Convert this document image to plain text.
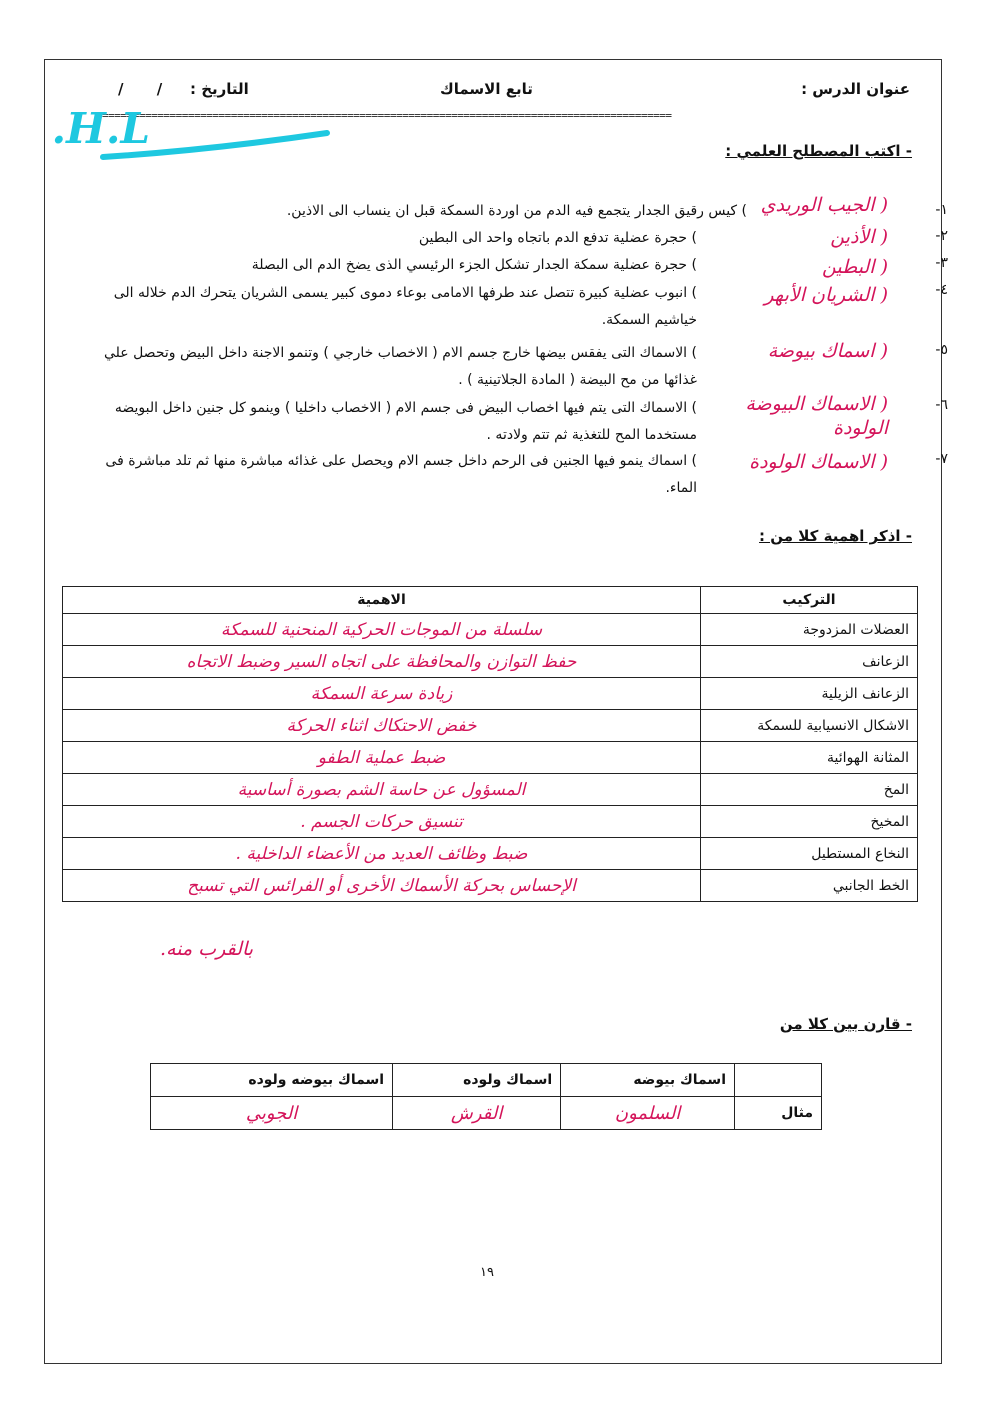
عنوان الدرس :
تابع الاسماك
التاريخ :
/ /
==============================================================================================
H.L.	- اكتب المصطلح العلمي :
١-
( الجيب الوريدي
) كيس رقيق الجدار يتجمع فيه الدم من اوردة السمكة قبل ان ينساب الى الاذين.
٢-
( الأذين
) حجرة عضلية تدفع الدم باتجاه واحد الى البطين
٣-
( البطين
) حجرة عضلية سمكة الجدار تشكل الجزء الرئيسي الذى يضخ الدم الى البصلة
٤-
( الشريان الأبهر
) انبوب عضلية كبيرة تتصل عند طرفها الامامى بوعاء دموى كبير يسمى الشريان يتحرك الدم خلاله الى خياشيم السمكة.
٥-
( اسماك بيوضة
) الاسماك التى يفقس بيضها خارج جسم الام ( الاخصاب خارجي ) وتنمو الاجنة داخل البيض وتحصل علي غذائها من مح البيضة ( المادة الجلاتينية ) .
٦-
( الاسماك البيوضة الولودة
) الاسماك التى يتم فيها اخصاب البيض فى جسم الام ( الاخصاب داخليا ) وينمو كل جنين داخل البويضه مستخدما المح للتغذية ثم تتم ولادته .
٧-
( الاسماك الولودة
) اسماك ينمو فيها الجنين فى الرحم داخل جسم الام ويحصل على غذائه مباشرة منها ثم تلد مباشرة فى الماء.
- اذكر اهمية كلا من :
التركيب	الاهمية
العضلات المزدوجة	سلسلة من الموجات الحركية المنحنية للسمكة
الزعانف	حفظ التوازن والمحافظة على اتجاه السير وضبط الاتجاه
الزعانف الزيلية	زيادة سرعة السمكة
الاشكال الانسيابية للسمكة	خفض الاحتكاك اثناء الحركة
المثانة الهوائية	ضبط عملية الطفو
المخ	المسؤول عن حاسة الشم بصورة أساسية
المخيخ	تنسيق حركات الجسم .
النخاع المستطيل	ضبط وظائف العديد من الأعضاء الداخلية .
الخط الجانبي	الإحساس بحركة الأسماك الأخرى أو الفرائس التي تسبح
بالقرب منه.
- قارن بين كلا من
	اسماك بيوضه	اسماك ولوده	اسماك بيوضه ولوده
مثال	السلمون	القرش	الجوبي
١٩
